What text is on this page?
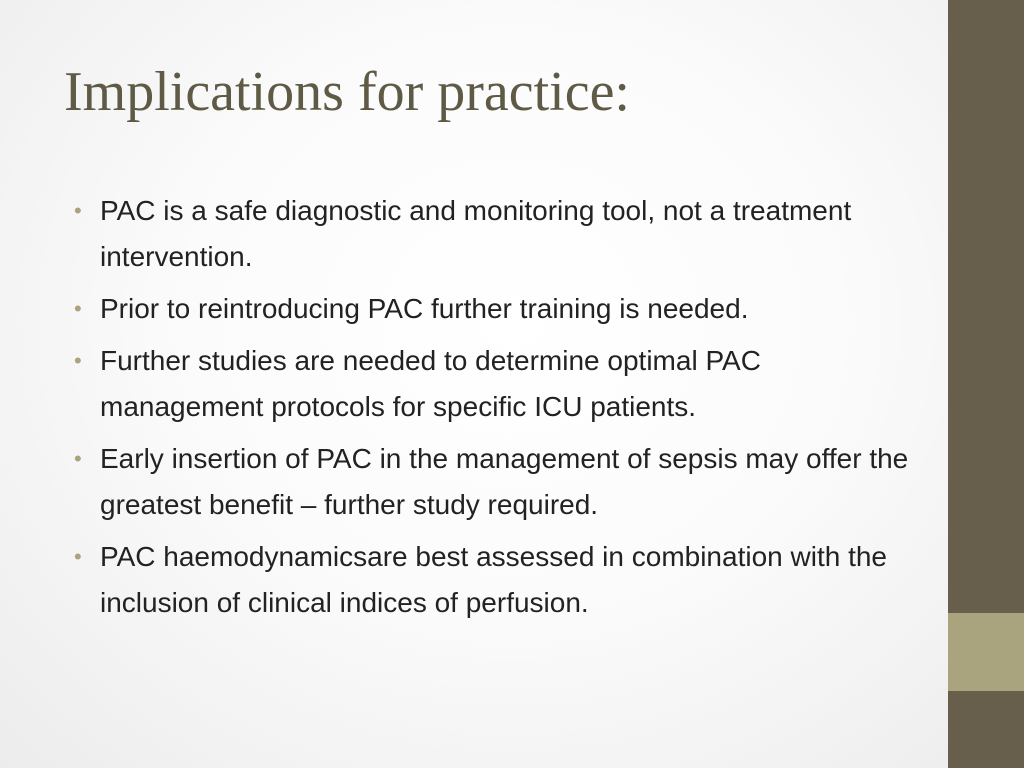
Implications for practice:
• PAC is a safe diagnostic and monitoring tool, not a treatment intervention.
• Prior to reintroducing PAC further training is needed.
• Further studies are needed to determine optimal PAC management protocols for specific ICU patients.
• Early insertion of PAC in the management of sepsis may offer the greatest benefit – further study required.
• PAC haemodynamicsare best assessed in combination with the inclusion of clinical indices of perfusion.
